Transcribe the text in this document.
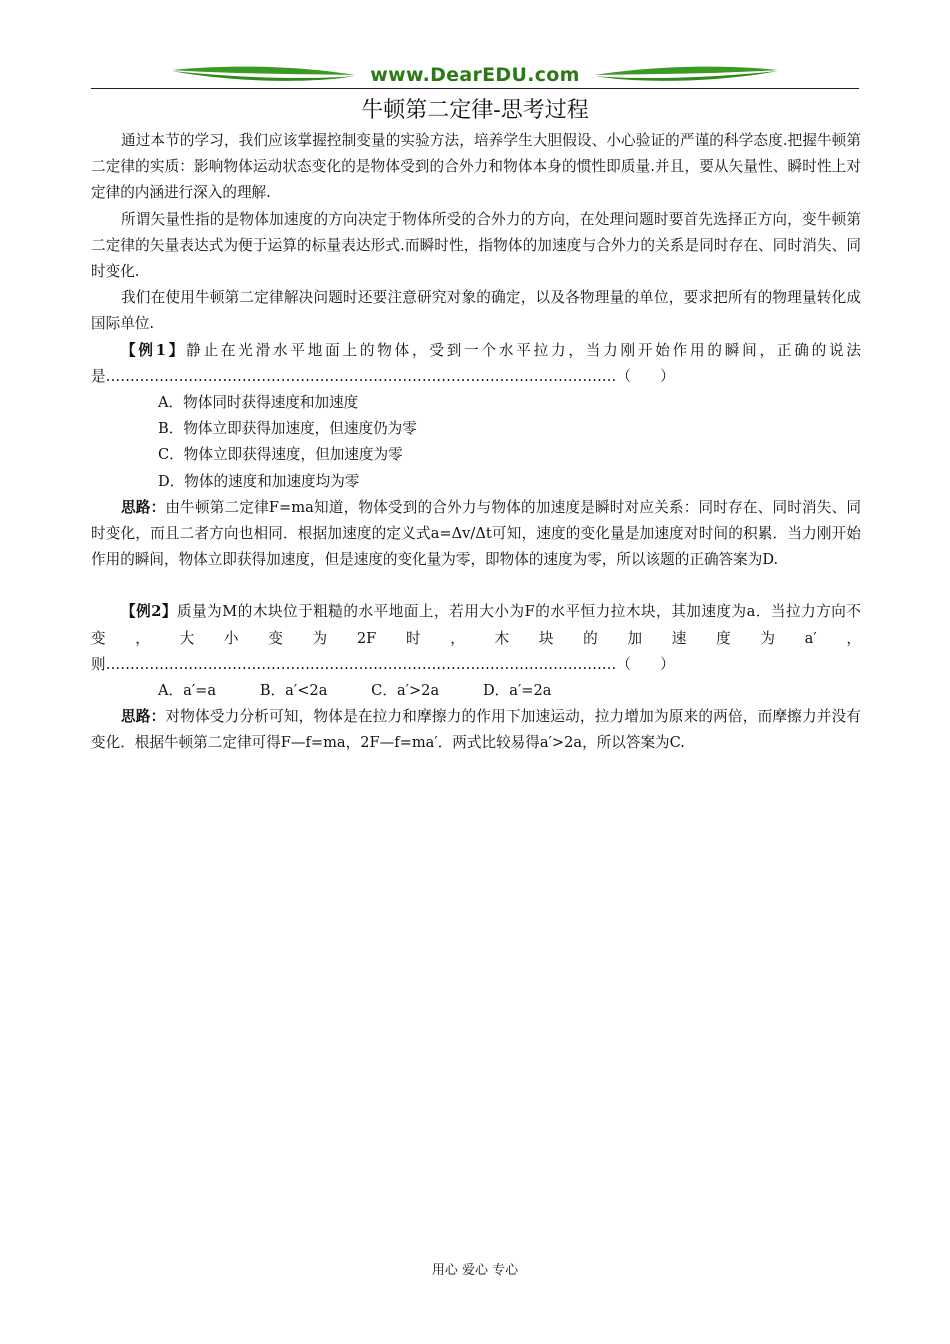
www.DearEDU.com
牛顿第二定律-思考过程

通过本节的学习，我们应该掌握控制变量的实验方法，培养学生大胆假设、小心验证的严谨的科学态度.把握牛顿第二定律的实质：影响物体运动状态变化的是物体受到的合外力和物体本身的惯性即质量.并且，要从矢量性、瞬时性上对定律的内涵进行深入的理解.

所谓矢量性指的是物体加速度的方向决定于物体所受的合外力的方向，在处理问题时要首先选择正方向，变牛顿第二定律的矢量表达式为便于运算的标量表达形式.而瞬时性，指物体的加速度与合外力的关系是同时存在、同时消失、同时变化.

我们在使用牛顿第二定律解决问题时还要注意研究对象的确定，以及各物理量的单位，要求把所有的物理量转化成国际单位.

【例1】静止在光滑水平地面上的物体，受到一个水平拉力，当力刚开始作用的瞬间，正确的说法是……………………………………………………………………………………………（　　）

A．物体同时获得速度和加速度

B．物体立即获得加速度，但速度仍为零

C．物体立即获得速度，但加速度为零

D．物体的速度和加速度均为零

思路：由牛顿第二定律F=ma知道，物体受到的合外力与物体的加速度是瞬时对应关系：同时存在、同时消失、同时变化，而且二者方向也相同．根据加速度的定义式a=Δv/Δt可知，速度的变化量是加速度对时间的积累．当力刚开始作用的瞬间，物体立即获得加速度，但是速度的变化量为零，即物体的速度为零，所以该题的正确答案为D.

【例2】质量为M的木块位于粗糙的水平地面上，若用大小为F的水平恒力拉木块，其加速度为a．当拉力方向不变，大小变为2F时，木块的加速度为a′，则……………………………………………………………………………………………（　　）

A．a′=a　　　B．a′<2a　　　C．a′>2a　　　D．a′=2a

思路：对物体受力分析可知，物体是在拉力和摩擦力的作用下加速运动，拉力增加为原来的两倍，而摩擦力并没有变化．根据牛顿第二定律可得F—f=ma，2F—f=ma′．两式比较易得a′>2a，所以答案为C.

用心 爱心 专心
